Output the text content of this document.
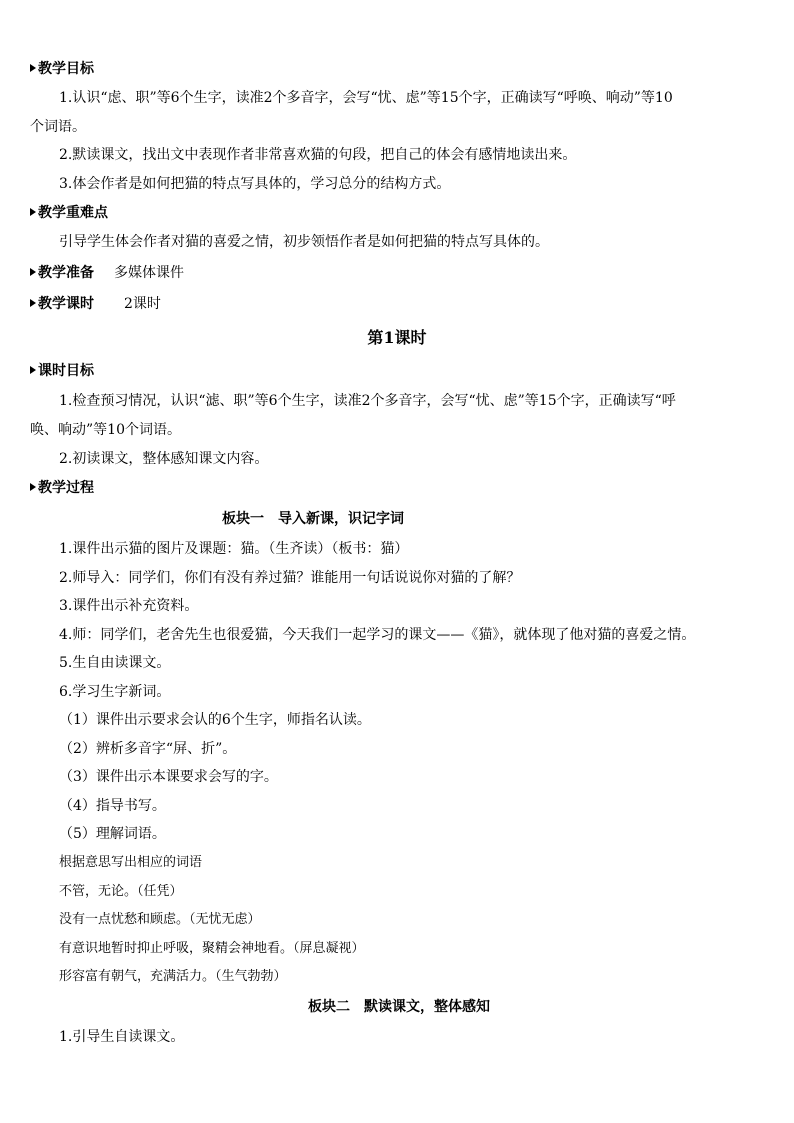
教学目标
1.认识“虑、职”等6个生字，读准2个多音字，会写“忧、虑”等15个字，正确读写“呼唤、响动”等10
个词语。
2.默读课文，找出文中表现作者非常喜欢猫的句段，把自己的体会有感情地读出来。
3.体会作者是如何把猫的特点写具体的，学习总分的结构方式。
教学重难点
引导学生体会作者对猫的喜爱之情，初步领悟作者是如何把猫的特点写具体的。
教学准备 多媒体课件
教学课时 2课时
第1课时
课时目标
1.检查预习情况，认识“滤、职”等6个生字，读准2个多音字，会写“忧、虑”等15个字，正确读写“呼
唤、响动”等10个词语。
2.初读课文，整体感知课文内容。
教学过程
板块一　导入新课，识记字词
1.课件出示猫的图片及课题：猫。（生齐读）（板书：猫）
2.师导入：同学们，你们有没有养过猫？谁能用一句话说说你对猫的了解？
3.课件出示补充资料。
4.师：同学们，老舍先生也很爱猫，今天我们一起学习的课文——《猫》，就体现了他对猫的喜爱之情。
5.生自由读课文。
6.学习生字新词。
（1）课件出示要求会认的6个生字，师指名认读。
（2）辨析多音字“屏、折”。
（3）课件出示本课要求会写的字。
（4）指导书写。
（5）理解词语。
根据意思写出相应的词语
不管，无论。（任凭）
没有一点忧愁和顾虑。（无忧无虑）
有意识地暂时抑止呼吸，聚精会神地看。（屏息凝视）
形容富有朝气，充满活力。（生气勃勃）
板块二　默读课文，整体感知
1.引导生自读课文。
